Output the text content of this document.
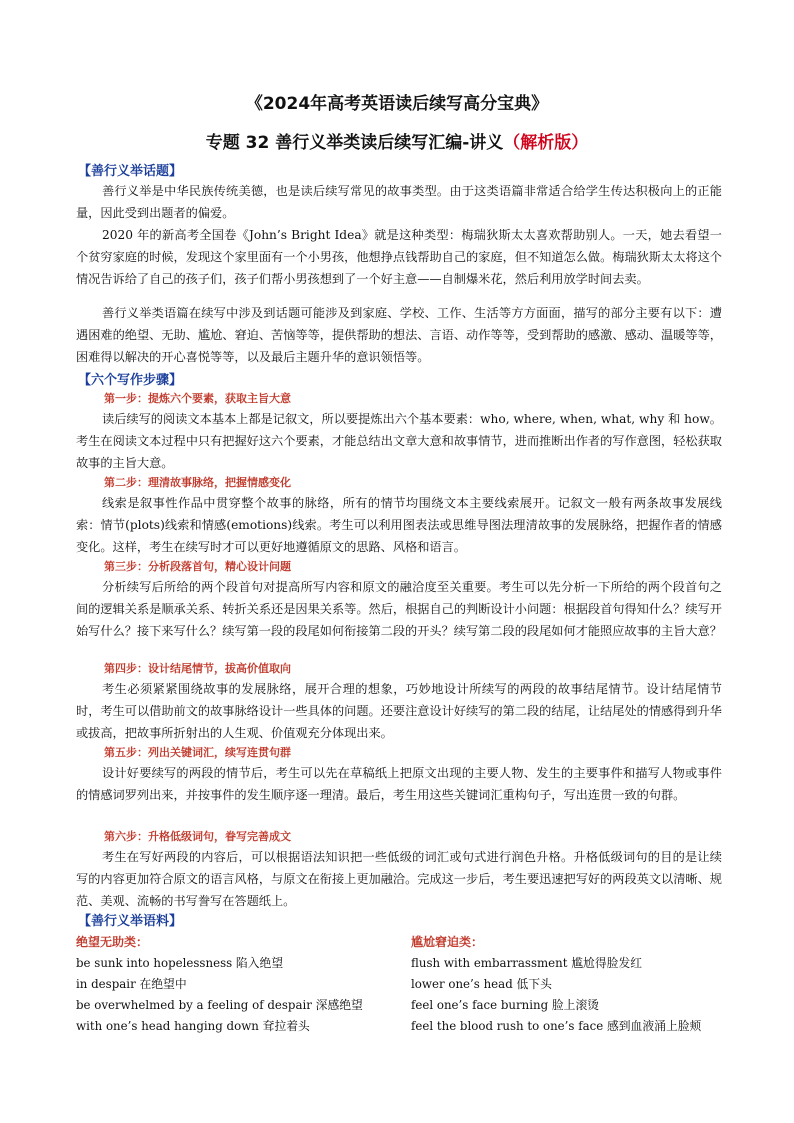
《2024年高考英语读后续写高分宝典》
专题 32 善行义举类读后续写汇编-讲义（解析版）
【善行义举话题】
善行义举是中华民族传统美德，也是读后续写常见的故事类型。由于这类语篇非常适合给学生传达积极向上的正能量，因此受到出题者的偏爱。
2020 年的新高考全国卷《John’s Bright Idea》就是这种类型：梅瑞狄斯太太喜欢帮助别人。一天，她去看望一个贫穷家庭的时候，发现这个家里面有一个小男孩，他想挣点钱帮助自己的家庭，但不知道怎么做。梅瑞狄斯太太将这个情况告诉给了自己的孩子们，孩子们帮小男孩想到了一个好主意——自制爆米花，然后利用放学时间去卖。
善行义举类语篇在续写中涉及到话题可能涉及到家庭、学校、工作、生活等方方面面，描写的部分主要有以下：遭遇困难的绝望、无助、尴尬、窘迫、苦恼等等，提供帮助的想法、言语、动作等等，受到帮助的感激、感动、温暖等等，困难得以解决的开心喜悦等等，以及最后主题升华的意识领悟等。
【六个写作步骤】
第一步：提炼六个要素，获取主旨大意
读后续写的阅读文本基本上都是记叙文，所以要提炼出六个基本要素：who, where, when, what, why 和 how。考生在阅读文本过程中只有把握好这六个要素，才能总结出文章大意和故事情节，进而推断出作者的写作意图，轻松获取故事的主旨大意。
第二步：理清故事脉络，把握情感变化
线索是叙事性作品中贯穿整个故事的脉络，所有的情节均围绕文本主要线索展开。记叙文一般有两条故事发展线索：情节(plots)线索和情感(emotions)线索。考生可以利用图表法或思维导图法理清故事的发展脉络，把握作者的情感变化。这样，考生在续写时才可以更好地遵循原文的思路、风格和语言。
第三步：分析段落首句，精心设计问题
分析续写后所给的两个段首句对提高所写内容和原文的融洽度至关重要。考生可以先分析一下所给的两个段首句之间的逻辑关系是顺承关系、转折关系还是因果关系等。然后，根据自己的判断设计小问题：根据段首句得知什么？续写开始写什么？接下来写什么？续写第一段的段尾如何衔接第二段的开头？续写第二段的段尾如何才能照应故事的主旨大意？
第四步：设计结尾情节，拔高价值取向
考生必须紧紧围绕故事的发展脉络，展开合理的想象，巧妙地设计所续写的两段的故事结尾情节。设计结尾情节时，考生可以借助前文的故事脉络设计一些具体的问题。还要注意设计好续写的第二段的结尾，让结尾处的情感得到升华或拔高，把故事所折射出的人生观、价值观充分体现出来。
第五步：列出关键词汇，续写连贯句群
设计好要续写的两段的情节后，考生可以先在草稿纸上把原文出现的主要人物、发生的主要事件和描写人物或事件的情感词罗列出来，并按事件的发生顺序逐一理清。最后，考生用这些关键词汇重构句子，写出连贯一致的句群。
第六步：升格低级词句，眷写完善成文
考生在写好两段的内容后，可以根据语法知识把一些低级的词汇或句式进行润色升格。升格低级词句的目的是让续写的内容更加符合原文的语言风格，与原文在衔接上更加融洽。完成这一步后，考生要迅速把写好的两段英文以清晰、规范、美观、流畅的书写誊写在答题纸上。
【善行义举语料】
绝望无助类：
be sunk into hopelessness 陷入绝望
in despair 在绝望中
be overwhelmed by a feeling of despair 深感绝望
with one’s head hanging down 耷拉着头
尴尬窘迫类：
flush with embarrassment 尴尬得脸发红
lower one’s head 低下头
feel one’s face burning 脸上滚烫
feel the blood rush to one’s face 感到血液涌上脸颊
